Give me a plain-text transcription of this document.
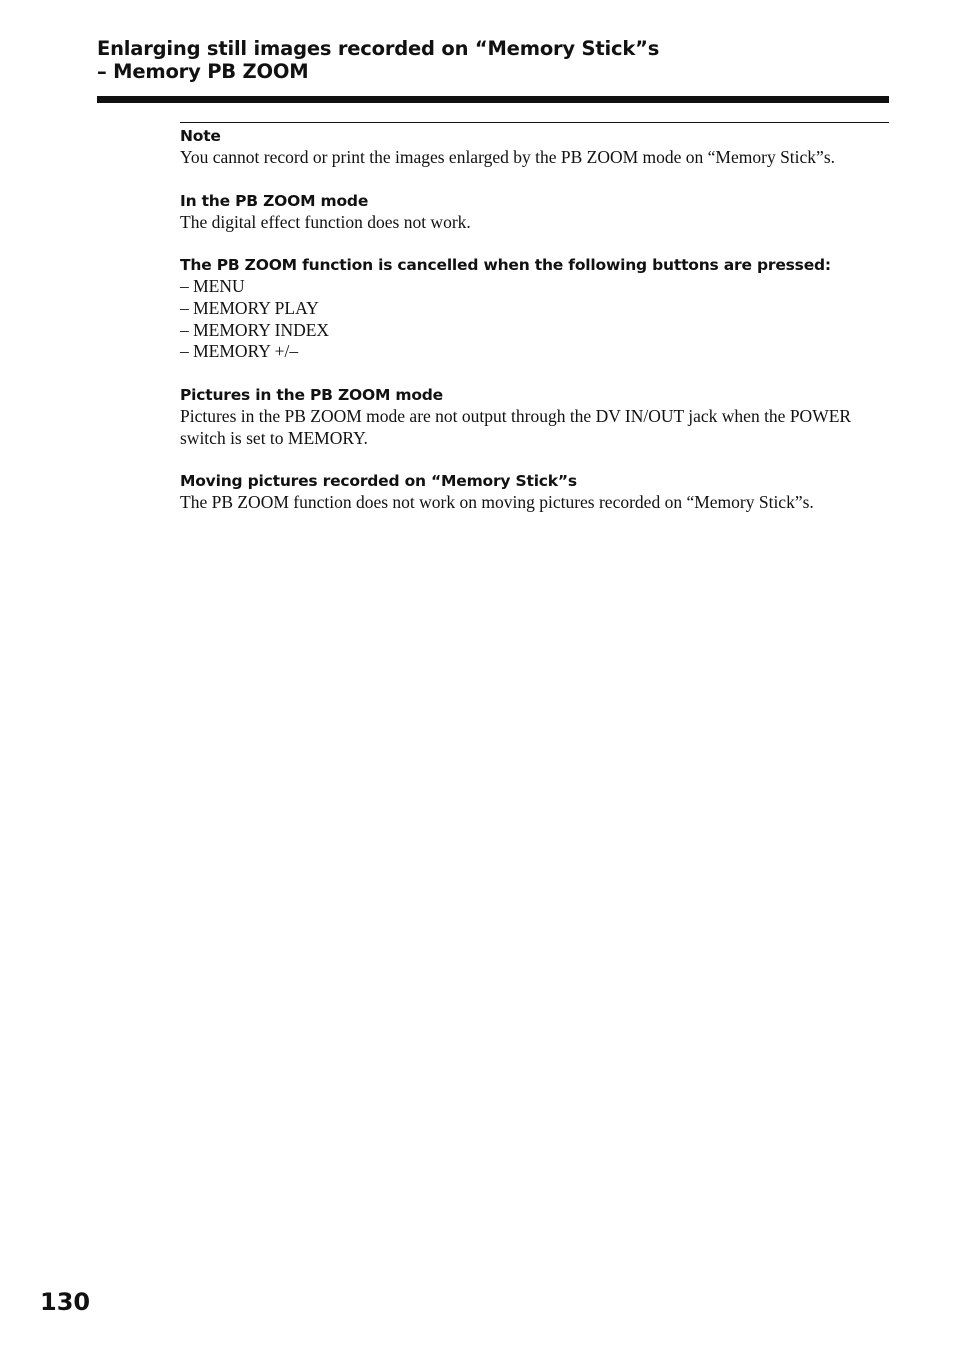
Enlarging still images recorded on “Memory Stick”s
– Memory PB ZOOM
Note
You cannot record or print the images enlarged by the PB ZOOM mode on “Memory Stick”s.
In the PB ZOOM mode
The digital effect function does not work.
The PB ZOOM function is cancelled when the following buttons are pressed:
– MENU
– MEMORY PLAY
– MEMORY INDEX
– MEMORY +/–
Pictures in the PB ZOOM mode
Pictures in the PB ZOOM mode are not output through the DV IN/OUT jack when the POWER switch is set to MEMORY.
Moving pictures recorded on “Memory Stick”s
The PB ZOOM function does not work on moving pictures recorded on “Memory Stick”s.
130
